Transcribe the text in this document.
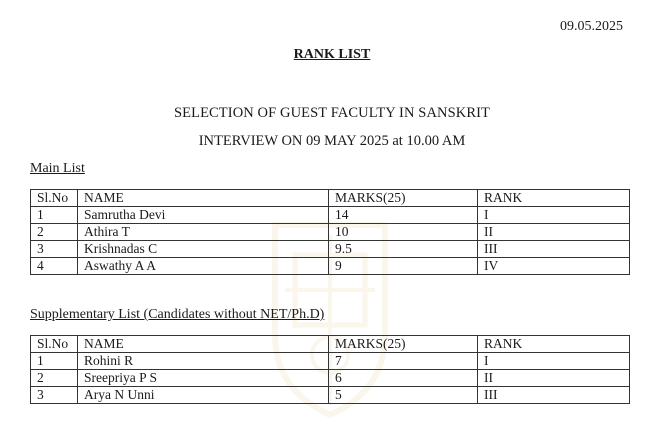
09.05.2025
RANK LIST
SELECTION OF GUEST FACULTY IN SANSKRIT
INTERVIEW ON 09 MAY 2025 at 10.00 AM
Main List
Sl.No	NAME	MARKS(25)	RANK
1	Samrutha Devi	14	I
2	Athira T	10	II
3	Krishnadas C	9.5	III
4	Aswathy A A	9	IV
Supplementary List (Candidates without NET/Ph.D)
Sl.No	NAME	MARKS(25)	RANK
1	Rohini R	7	I
2	Sreepriya P S	6	II
3	Arya N Unni	5	III
